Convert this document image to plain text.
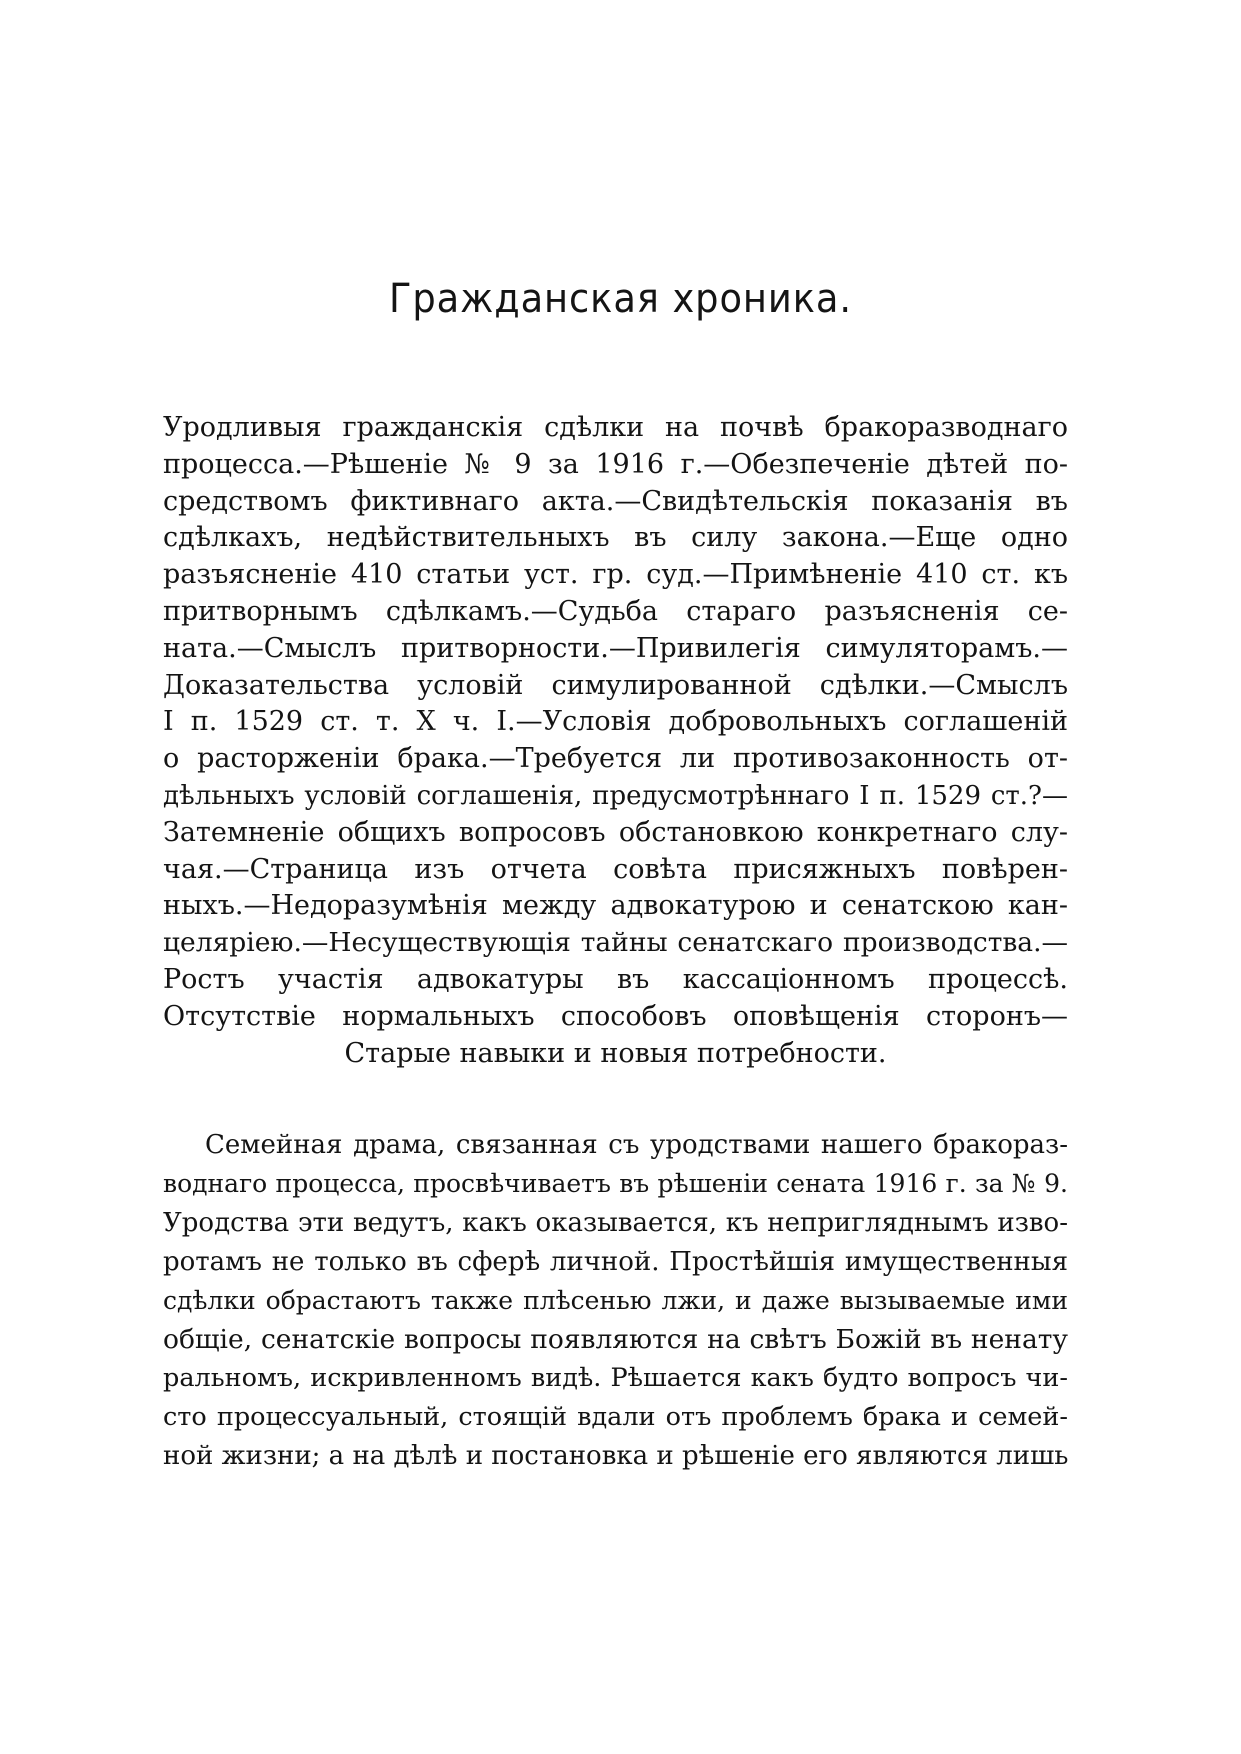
Гражданская хроника.
Уродливыя гражданскія сдѣлки на почвѣ бракоразводнаго
процесса.—Рѣшеніе № 9 за 1916 г.—Обезпеченіе дѣтей по-
средствомъ фиктивнаго акта.—Свидѣтельскія показанія въ
сдѣлкахъ, недѣйствительныхъ въ силу закона.—Еще одно
разъясненіе 410 статьи уст. гр. суд.—Примѣненіе 410 ст. къ
притворнымъ сдѣлкамъ.—Судьба стараго разъясненія се-
ната.—Смыслъ притворности.—Привилегія симуляторамъ.—
Доказательства условій симулированной сдѣлки.—Смыслъ
I п. 1529 ст. т. X ч. I.—Условія добровольныхъ соглашеній
о расторженіи брака.—Требуется ли противозаконность от-
дѣльныхъ условій соглашенія, предусмотрѣннаго I п. 1529 ст.?—
Затемненіе общихъ вопросовъ обстановкою конкретнаго слу-
чая.—Страница изъ отчета совѣта присяжныхъ повѣрен-
ныхъ.—Недоразумѣнія между адвокатурою и сенатскою кан-
целяріею.—Несуществующія тайны сенатскаго производства.—
Ростъ участія адвокатуры въ кассаціонномъ процессѣ.
Отсутствіе нормальныхъ способовъ оповѣщенія сторонъ—
Старые навыки и новыя потребности.
Семейная драма, связанная съ уродствами нашего бракораз-
воднаго процесса, просвѣчиваетъ въ рѣшеніи сената 1916 г. за № 9.
Уродства эти ведутъ, какъ оказывается, къ непригляднымъ изво-
ротамъ не только въ сферѣ личной. Простѣйшія имущественныя
сдѣлки обрастаютъ также плѣсенью лжи, и даже вызываемые ими
общіе, сенатскіе вопросы появляются на свѣтъ Божій въ ненату
ральномъ, искривленномъ видѣ. Рѣшается какъ будто вопросъ чи-
сто процессуальный, стоящій вдали отъ проблемъ брака и семей-
ной жизни; а на дѣлѣ и постановка и рѣшеніе его являются лишь
